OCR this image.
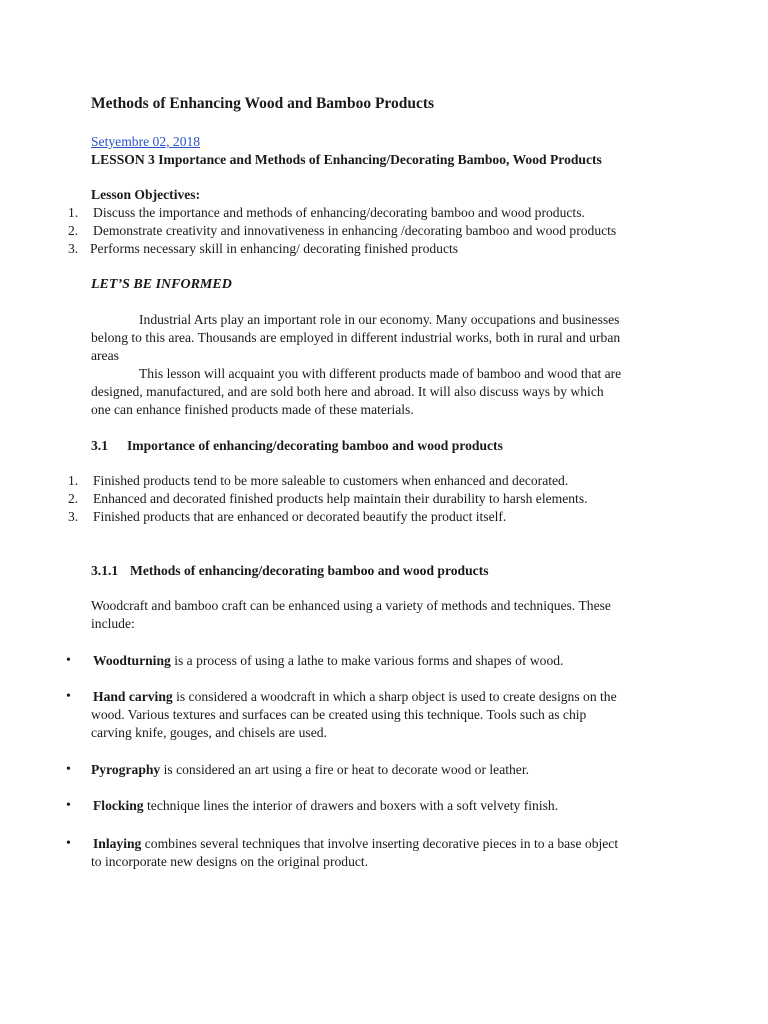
Methods of Enhancing Wood and Bamboo Products
Setyembre 02, 2018
LESSON 3 Importance and Methods of Enhancing/Decorating Bamboo, Wood Products
Lesson Objectives:
1. Discuss the importance and methods of enhancing/decorating bamboo and wood products.
2. Demonstrate creativity and innovativeness in enhancing /decorating bamboo and wood products
3. Performs necessary skill in enhancing/ decorating finished products
LET’S BE INFORMED
Industrial Arts play an important role in our economy. Many occupations and businesses
belong to this area. Thousands are employed in different industrial works, both in rural and urban
areas
This lesson will acquaint you with different products made of bamboo and wood that are
designed, manufactured, and are sold both here and abroad. It will also discuss ways by which
one can enhance finished products made of these materials.
3.1 Importance of enhancing/decorating bamboo and wood products
1. Finished products tend to be more saleable to customers when enhanced and decorated.
2. Enhanced and decorated finished products help maintain their durability to harsh elements.
3. Finished products that are enhanced or decorated beautify the product itself.
3.1.1 Methods of enhancing/decorating bamboo and wood products
Woodcraft and bamboo craft can be enhanced using a variety of methods and techniques. These
include:
• Woodturning is a process of using a lathe to make various forms and shapes of wood.
• Hand carving is considered a woodcraft in which a sharp object is used to create designs on the
wood. Various textures and surfaces can be created using this technique. Tools such as chip
carving knife, gouges, and chisels are used.
• Pyrography is considered an art using a fire or heat to decorate wood or leather.
• Flocking technique lines the interior of drawers and boxers with a soft velvety finish.
• Inlaying combines several techniques that involve inserting decorative pieces in to a base object
to incorporate new designs on the original product.
